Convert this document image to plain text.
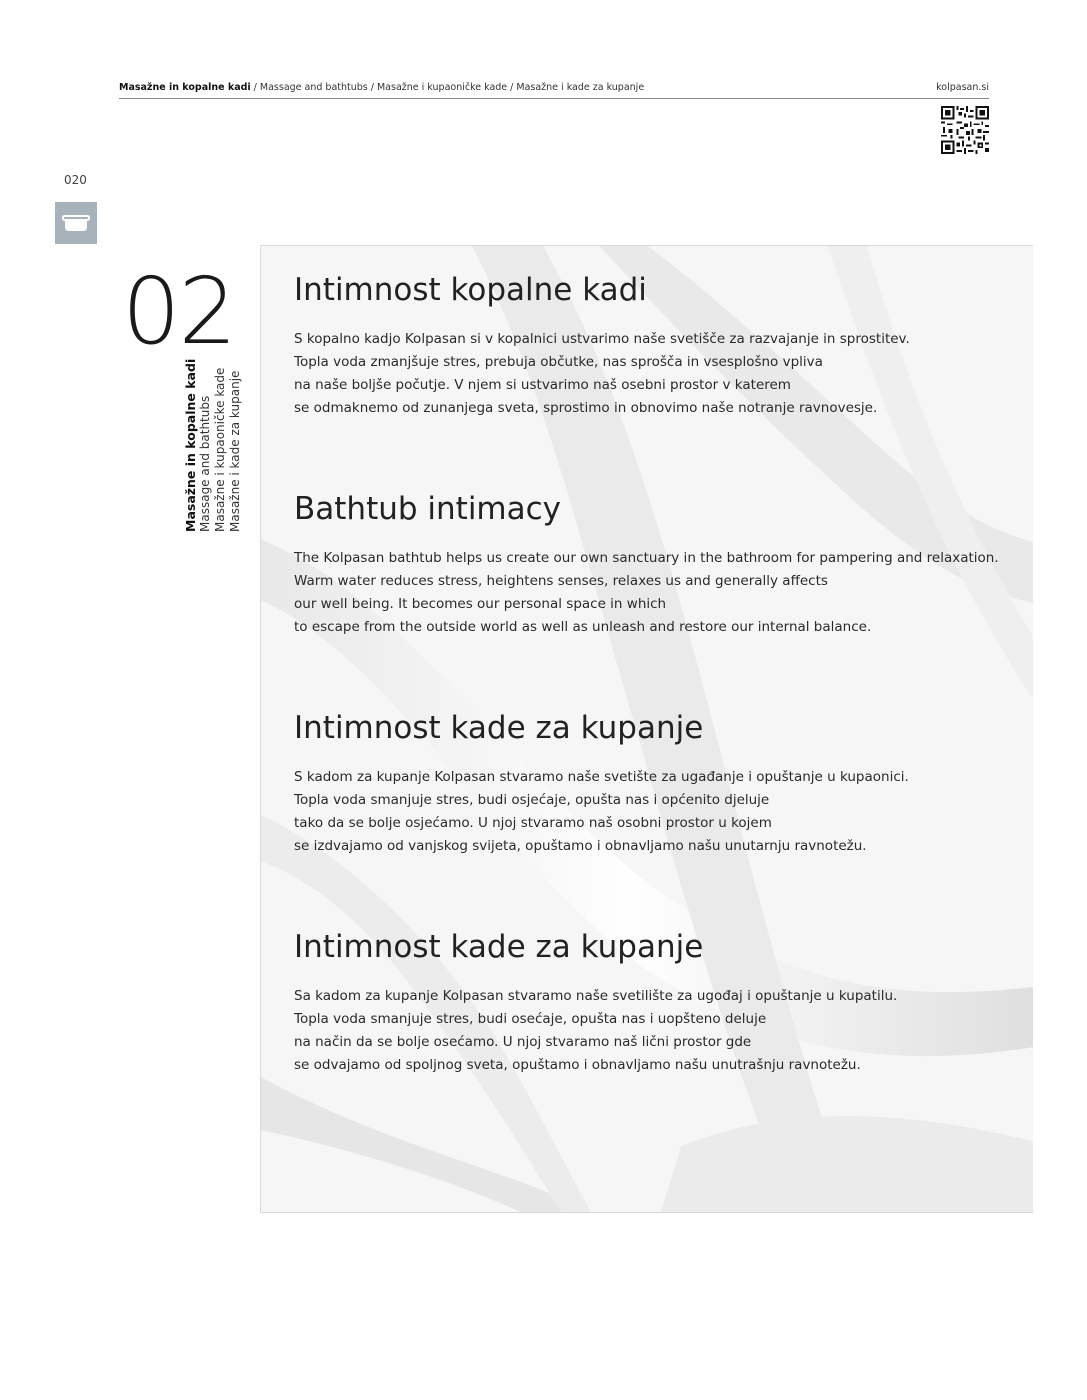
Masažne in kopalne kadi / Massage and bathtubs / Masažne i kupaoničke kade / Masažne i kade za kupanje	kolpasan.si
020
02
Masažne in kopalne kadi Massage and bathtubs Masažne i kupaoničke kade Masažne i kade za kupanje
Intimnost kopalne kadi
S kopalno kadjo Kolpasan si v kopalnici ustvarimo naše svetišče za razvajanje in sprostitev.
Topla voda zmanjšuje stres, prebuja občutke, nas sprošča in vsesplošno vpliva
na naše boljše počutje. V njem si ustvarimo naš osebni prostor v katerem
se odmaknemo od zunanjega sveta, sprostimo in obnovimo naše notranje ravnovesje.
Bathtub intimacy
The Kolpasan bathtub helps us create our own sanctuary in the bathroom for pampering and relaxation.
Warm water reduces stress, heightens senses, relaxes us and generally affects
our well being. It becomes our personal space in which
to escape from the outside world as well as unleash and restore our internal balance.
Intimnost kade za kupanje
S kadom za kupanje Kolpasan stvaramo naše svetište za ugađanje i opuštanje u kupaonici.
Topla voda smanjuje stres, budi osjećaje, opušta nas i općenito djeluje
tako da se bolje osjećamo. U njoj stvaramo naš osobni prostor u kojem
se izdvajamo od vanjskog svijeta, opuštamo i obnavljamo našu unutarnju ravnotežu.
Intimnost kade za kupanje
Sa kadom za kupanje Kolpasan stvaramo naše svetilište za ugođaj i opuštanje u kupatilu.
Topla voda smanjuje stres, budi osećaje, opušta nas i uopšteno deluje
na način da se bolje osećamo. U njoj stvaramo naš lični prostor gde
se odvajamo od spoljnog sveta, opuštamo i obnavljamo našu unutrašnju ravnotežu.
